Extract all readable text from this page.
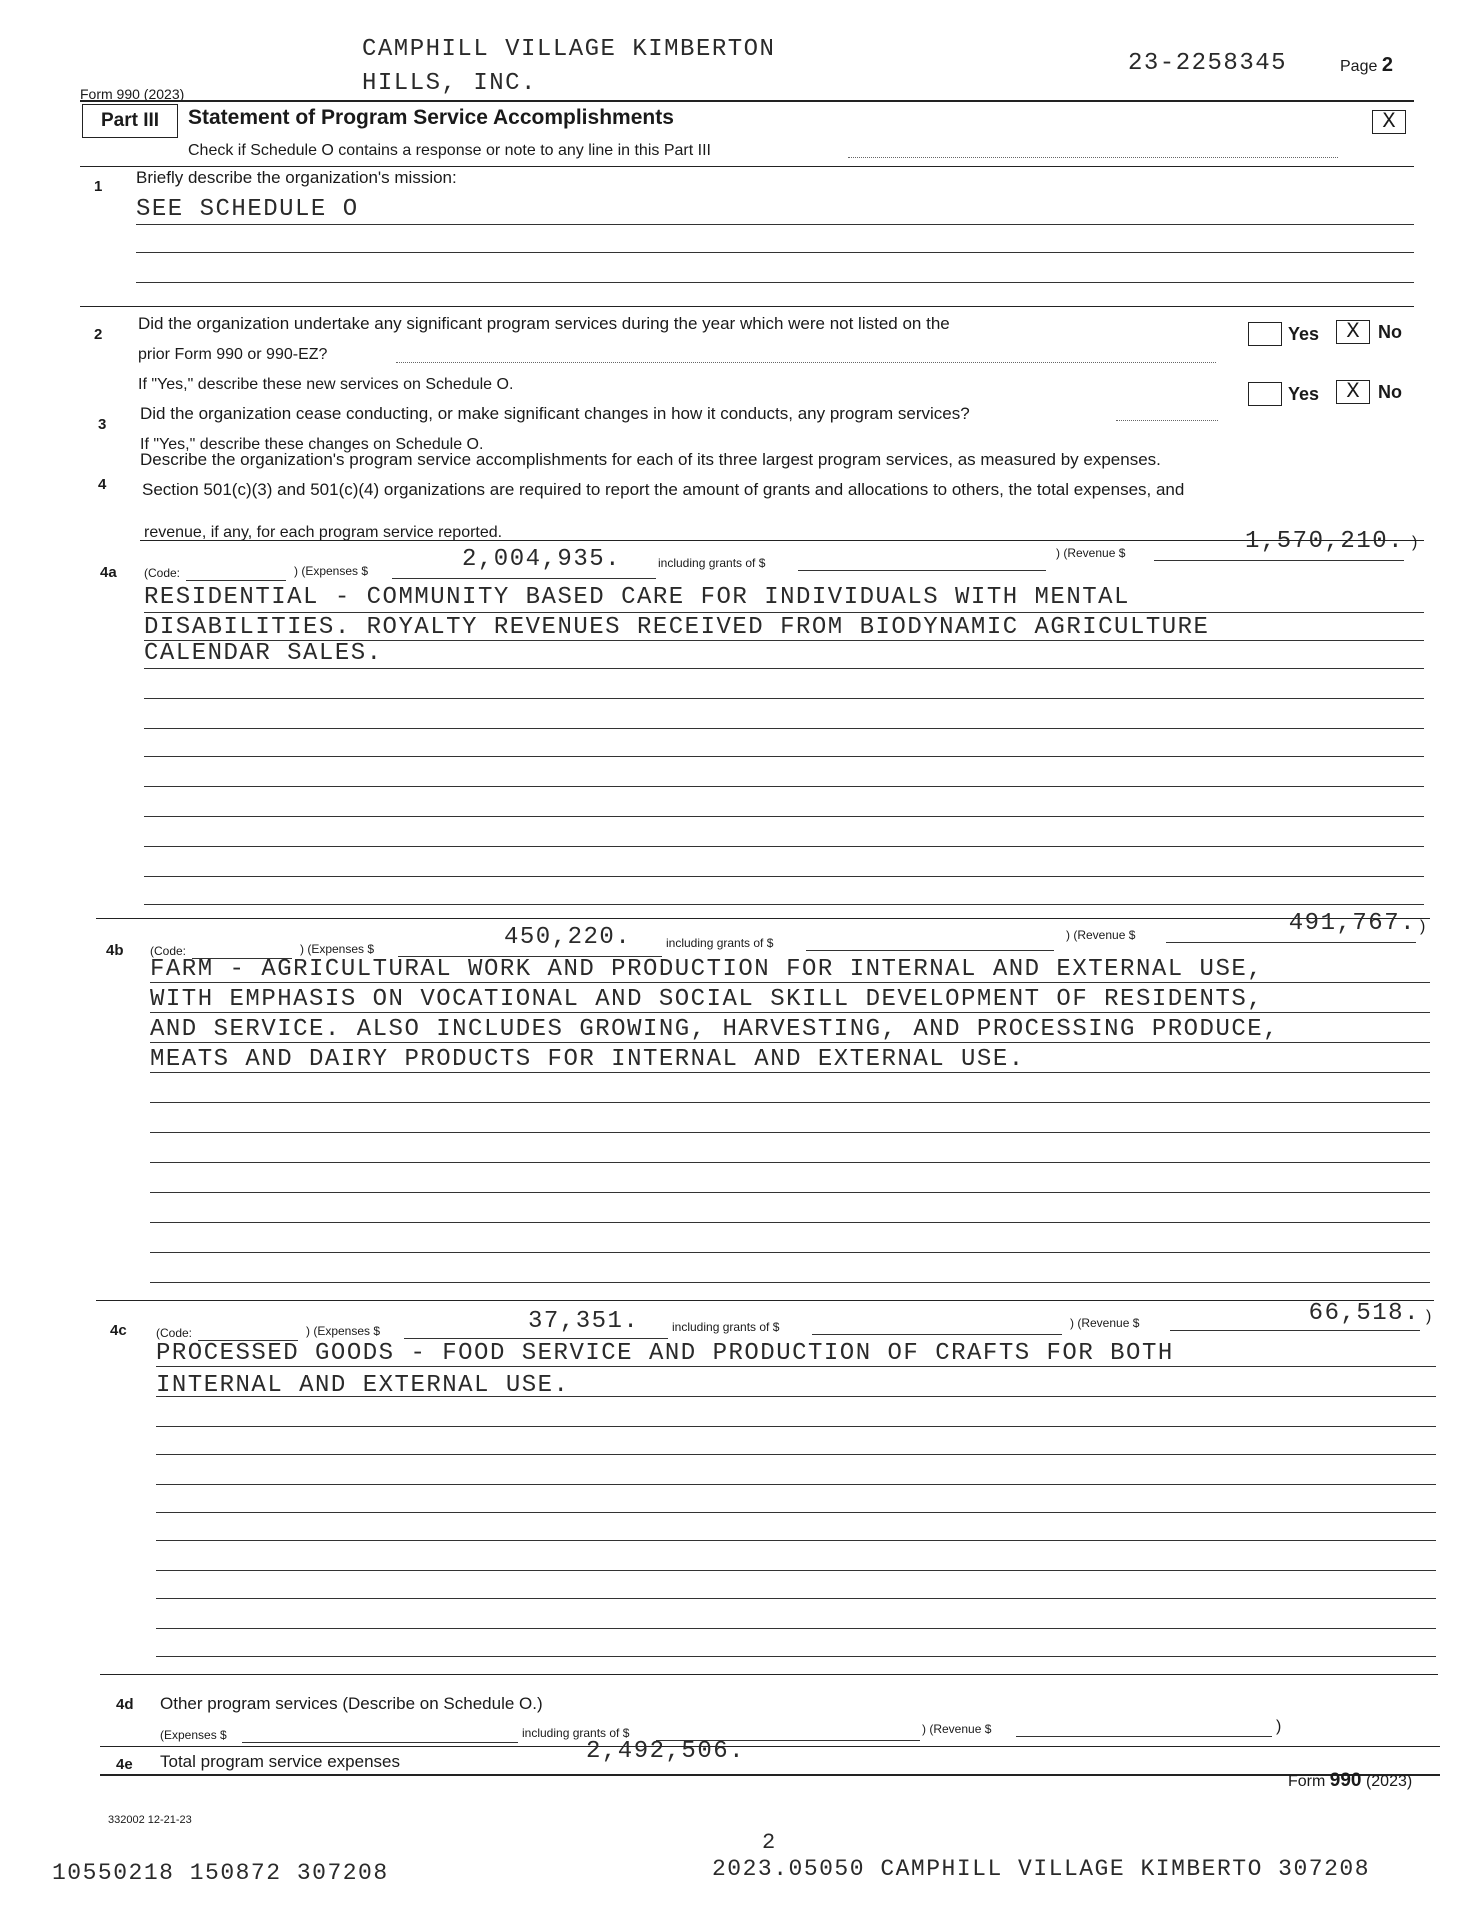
CAMPHILL VILLAGE KIMBERTON
HILLS, INC.
23-2258345	Page 2
Form 990 (2023)
Part III	Statement of Program Service Accomplishments
Check if Schedule O contains a response or note to any line in this Part III
X
1 Briefly describe the organization's mission:
SEE SCHEDULE O
2
Did the organization undertake any significant program services during the year which were not listed on the
prior Form 990 or 990-EZ?
Yes	X	No
If "Yes," describe these new services on Schedule O.
3
Did the organization cease conducting, or make significant changes in how it conducts, any program services?
Yes	X	No
If "Yes," describe these changes on Schedule O.
4
Describe the organization's program service accomplishments for each of its three largest program services, as measured by expenses.
Section 501(c)(3) and 501(c)(4) organizations are required to report the amount of grants and allocations to others, the total expenses, and
revenue, if any, for each program service reported.
4a (Code:	) (Expenses $	2,004,935.	including grants of $
) (Revenue $	1,570,210. )
RESIDENTIAL - COMMUNITY BASED CARE FOR INDIVIDUALS WITH MENTAL
DISABILITIES. ROYALTY REVENUES RECEIVED FROM BIODYNAMIC AGRICULTURE
CALENDAR SALES.
4b (Code:	) (Expenses $	450,220.	including grants of $
) (Revenue $	491,767. )
FARM - AGRICULTURAL WORK AND PRODUCTION FOR INTERNAL AND EXTERNAL USE,
WITH EMPHASIS ON VOCATIONAL AND SOCIAL SKILL DEVELOPMENT OF RESIDENTS,
AND SERVICE. ALSO INCLUDES GROWING, HARVESTING, AND PROCESSING PRODUCE,
MEATS AND DAIRY PRODUCTS FOR INTERNAL AND EXTERNAL USE.
4c (Code:	) (Expenses $	37,351.	including grants of $	) (Revenue $	66,518. )
PROCESSED GOODS - FOOD SERVICE AND PRODUCTION OF CRAFTS FOR BOTH
INTERNAL AND EXTERNAL USE.
4d Other program services (Describe on Schedule O.)
(Expenses $	including grants of $	) (Revenue $	)
4e Total program service expenses	2,492,506.
Form 990 (2023)
332002 12-21-23
2
10550218 150872 307208	2023.05050 CAMPHILL VILLAGE KIMBERTO 307208
